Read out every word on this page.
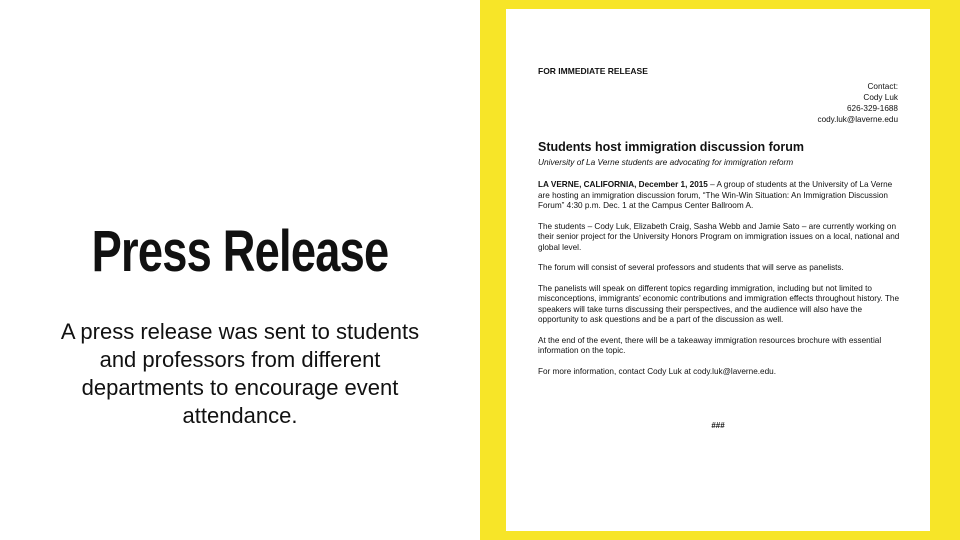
Press Release
A press release was sent to students and professors from different departments to encourage event attendance.
FOR IMMEDIATE RELEASE
Contact:
Cody Luk
626-329-1688
cody.luk@laverne.edu
Students host immigration discussion forum
University of La Verne students are advocating for immigration reform

LA VERNE, CALIFORNIA, December 1, 2015 – A group of students at the University of La Verne are hosting an immigration discussion forum, “The Win-Win Situation: An Immigration Discussion Forum” 4:30 p.m. Dec. 1 at the Campus Center Ballroom A.

The students – Cody Luk, Elizabeth Craig, Sasha Webb and Jamie Sato – are currently working on their senior project for the University Honors Program on immigration issues on a local, national and global level.

The forum will consist of several professors and students that will serve as panelists.

The panelists will speak on different topics regarding immigration, including but not limited to misconceptions, immigrants’ economic contributions and immigration effects throughout history. The speakers will take turns discussing their perspectives, and the audience will also have the opportunity to ask questions and be a part of the discussion as well.

At the end of the event, there will be a takeaway immigration resources brochure with essential information on the topic.

For more information, contact Cody Luk at cody.luk@laverne.edu.

###
